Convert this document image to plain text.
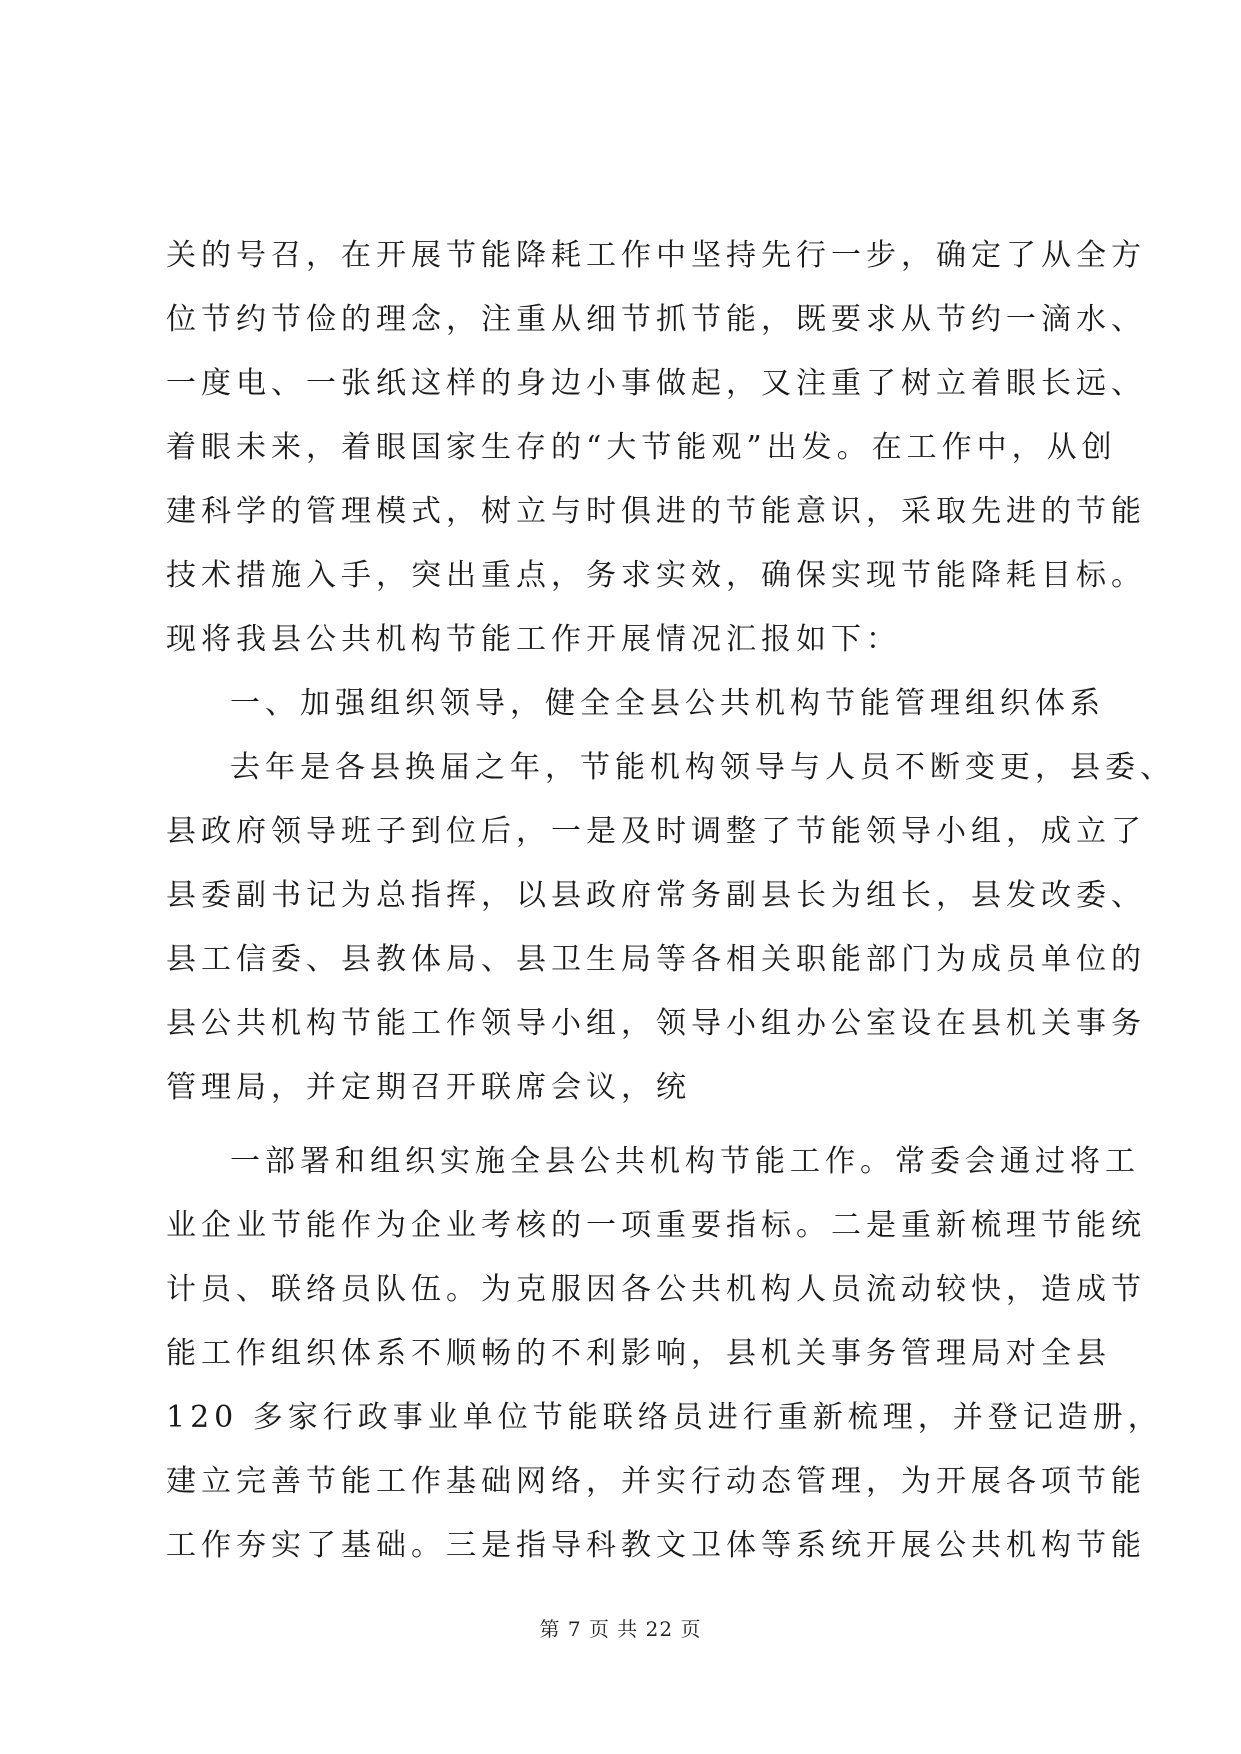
关的号召，在开展节能降耗工作中坚持先行一步，确定了从全方
位节约节俭的理念，注重从细节抓节能，既要求从节约一滴水、
一度电、一张纸这样的身边小事做起，又注重了树立着眼长远、
着眼未来，着眼国家生存的“大节能观”出发。在工作中，从创
建科学的管理模式，树立与时俱进的节能意识，采取先进的节能
技术措施入手，突出重点，务求实效，确保实现节能降耗目标。
现将我县公共机构节能工作开展情况汇报如下：
一、加强组织领导，健全全县公共机构节能管理组织体系
去年是各县换届之年，节能机构领导与人员不断变更，县委、
县政府领导班子到位后，一是及时调整了节能领导小组，成立了
县委副书记为总指挥，以县政府常务副县长为组长，县发改委、
县工信委、县教体局、县卫生局等各相关职能部门为成员单位的
县公共机构节能工作领导小组，领导小组办公室设在县机关事务
管理局，并定期召开联席会议，统
一部署和组织实施全县公共机构节能工作。常委会通过将工
业企业节能作为企业考核的一项重要指标。二是重新梳理节能统
计员、联络员队伍。为克服因各公共机构人员流动较快，造成节
能工作组织体系不顺畅的不利影响，县机关事务管理局对全县
120 多家行政事业单位节能联络员进行重新梳理，并登记造册，
建立完善节能工作基础网络，并实行动态管理，为开展各项节能
工作夯实了基础。三是指导科教文卫体等系统开展公共机构节能
第 7 页 共 22 页
